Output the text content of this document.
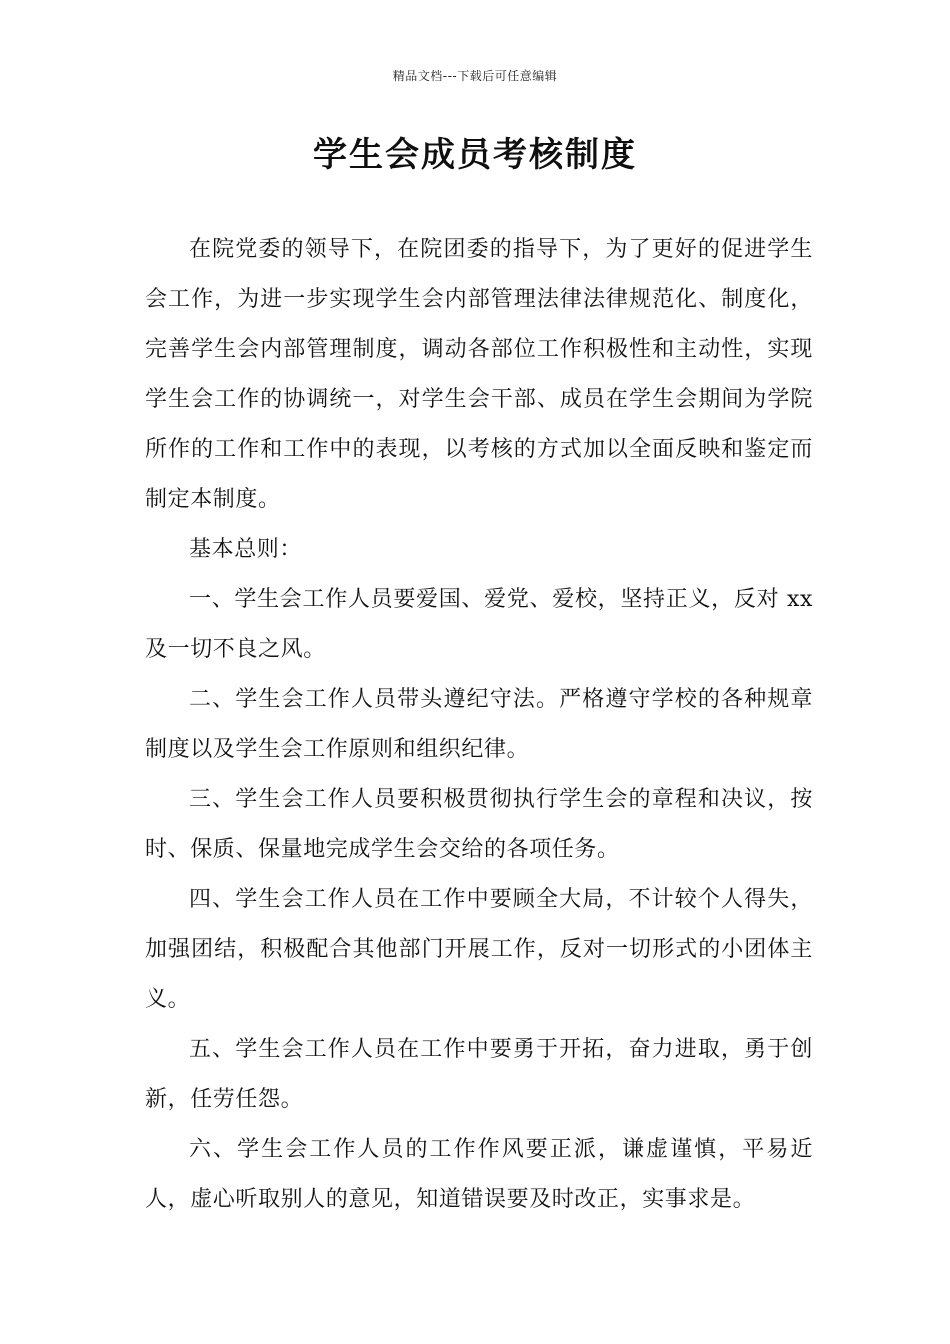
精品文档---下载后可任意编辑
学生会成员考核制度

在院党委的领导下，在院团委的指导下，为了更好的促进学生会工作，为进一步实现学生会内部管理法律法律规范化、制度化，完善学生会内部管理制度，调动各部位工作积极性和主动性，实现学生会工作的协调统一，对学生会干部、成员在学生会期间为学院所作的工作和工作中的表现，以考核的方式加以全面反映和鉴定而制定本制度。

基本总则：

一、学生会工作人员要爱国、爱党、爱校，坚持正义，反对 xx 及一切不良之风。

二、学生会工作人员带头遵纪守法。严格遵守学校的各种规章制度以及学生会工作原则和组织纪律。

三、学生会工作人员要积极贯彻执行学生会的章程和决议，按时、保质、保量地完成学生会交给的各项任务。

四、学生会工作人员在工作中要顾全大局，不计较个人得失，加强团结，积极配合其他部门开展工作，反对一切形式的小团体主义。

五、学生会工作人员在工作中要勇于开拓，奋力进取，勇于创新，任劳任怨。

六、学生会工作人员的工作作风要正派，谦虚谨慎，平易近人，虚心听取别人的意见，知道错误要及时改正，实事求是。
